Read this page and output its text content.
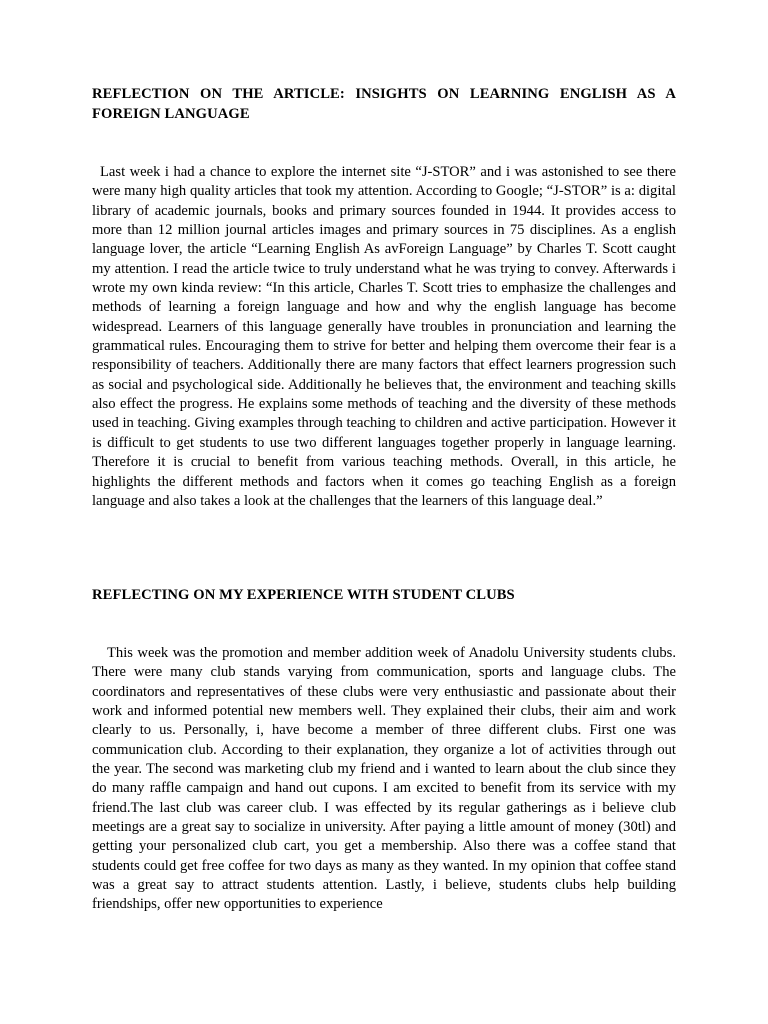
REFLECTION ON THE ARTICLE: INSIGHTS ON LEARNING ENGLISH AS A FOREIGN LANGUAGE

Last week i had a chance to explore the internet site “J-STOR” and i was astonished to see there were many high quality articles that took my attention. According to Google; “J-STOR” is a: digital library of academic journals, books and primary sources founded in 1944. It provides access to more than 12 million journal articles images and primary sources in 75 disciplines. As a english language lover, the article “Learning English As avForeign Language” by Charles T. Scott caught my attention. I read the article twice to truly understand what he was trying to convey. Afterwards i wrote my own kinda review: “In this article, Charles T. Scott tries to emphasize the challenges and methods of learning a foreign language and how and why the english language has become widespread. Learners of this language generally have troubles in pronunciation and learning the grammatical rules. Encouraging them to strive for better and helping them overcome their fear is a responsibility of teachers. Additionally there are many factors that effect learners progression such as social and psychological side. Additionally he believes that, the environment and teaching skills also effect the progress. He explains some methods of teaching and the diversity of these methods used in teaching. Giving examples through teaching to children and active participation. However it is difficult to get students to use two different languages together properly in language learning. Therefore it is crucial to benefit from various teaching methods. Overall, in this article, he highlights the different methods and factors when it comes go teaching English as a foreign language and also takes a look at the challenges that the learners of this language deal.”

REFLECTING ON MY EXPERIENCE WITH STUDENT CLUBS

This week was the promotion and member addition week of Anadolu University students clubs. There were many club stands varying from communication, sports and language clubs. The coordinators and representatives of these clubs were very enthusiastic and passionate about their work and informed potential new members well. They explained their clubs, their aim and work clearly to us. Personally, i, have become a member of three different clubs. First one was communication club. According to their explanation, they organize a lot of activities through out the year. The second was marketing club my friend and i wanted to learn about the club since they do many raffle campaign and hand out cupons. I am excited to benefit from its service with my friend.The last club was career club. I was effected by its regular gatherings as i believe club meetings are a great say to socialize in university. After paying a little amount of money (30tl) and getting your personalized club cart, you get a membership. Also there was a coffee stand that students could get free coffee for two days as many as they wanted. In my opinion that coffee stand was a great say to attract students attention. Lastly, i believe, students clubs help building friendships, offer new opportunities to experience
